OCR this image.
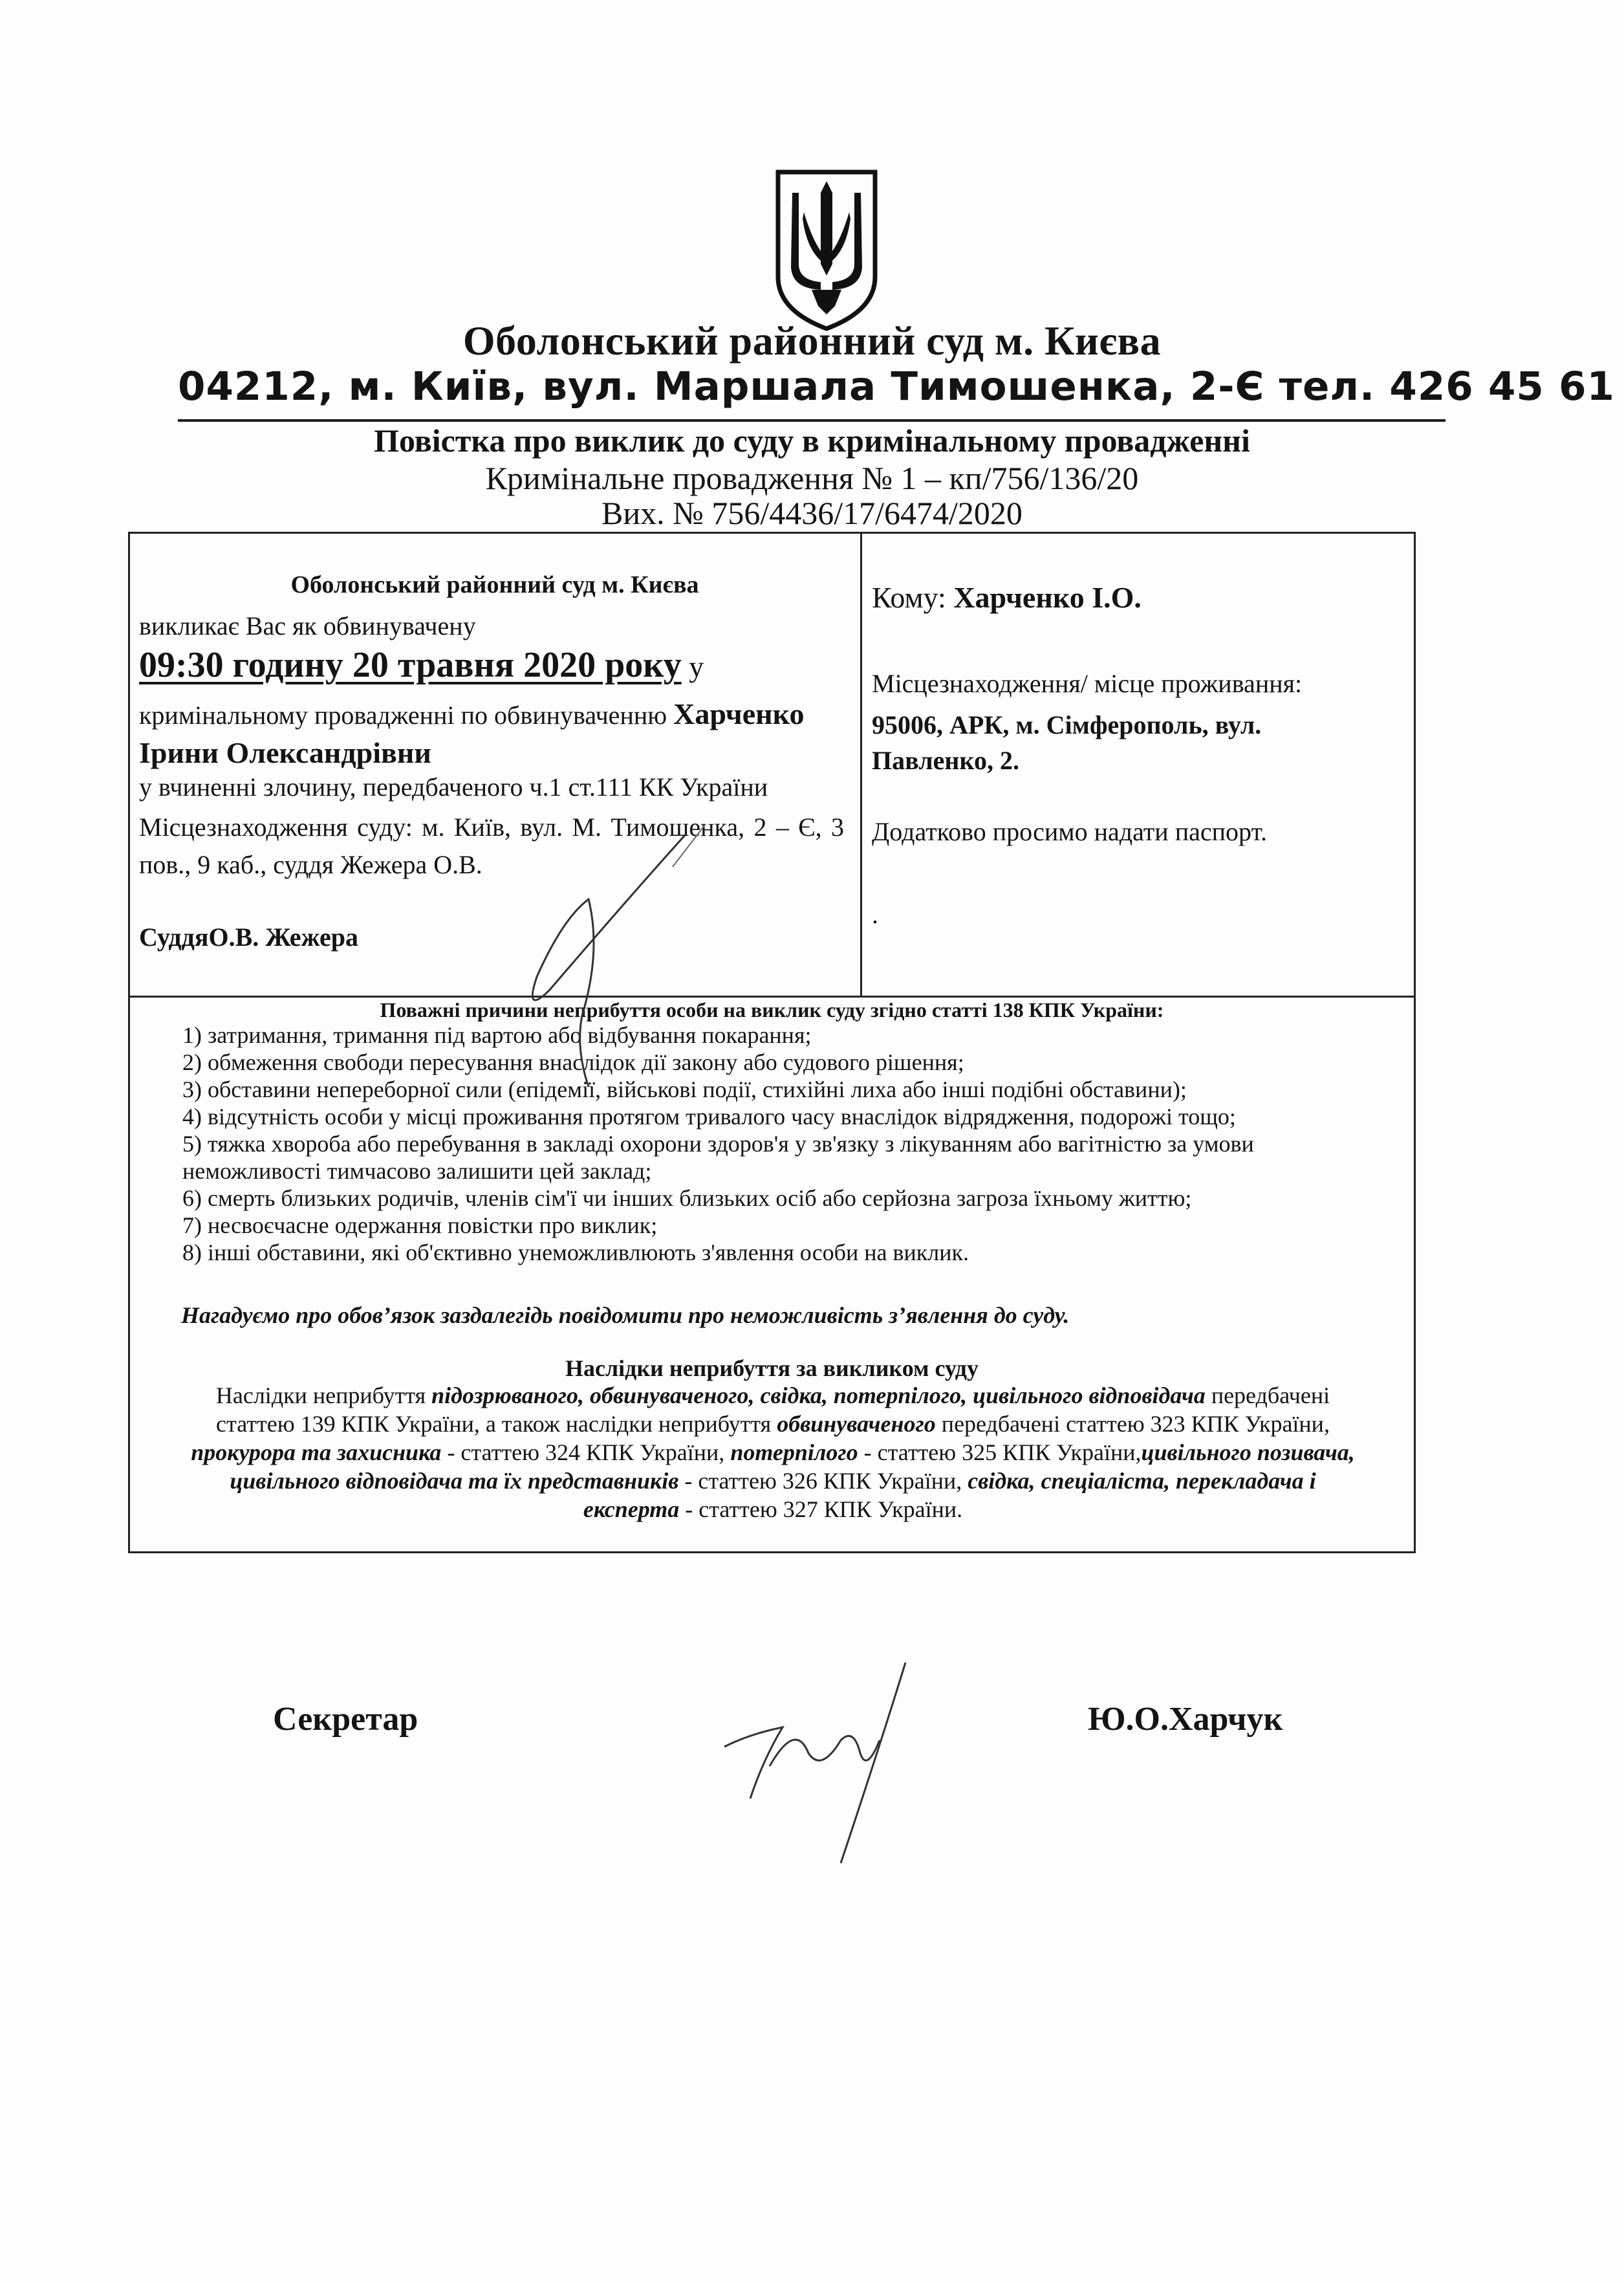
Оболонський районний суд м. Києва
04212, м. Київ, вул. Маршала Тимошенка, 2-Є тел. 426 45 61
Повістка про виклик до суду в кримінальному провадженні
Кримінальне провадження № 1 – кп/756/136/20
Вих. № 756/4436/17/6474/2020
Оболонський районний суд м. Києва
викликає Вас як обвинувачену
09:30 годину 20 травня 2020 року у
кримінальному провадженні по обвинуваченню Харченко Ірини Олександрівни
у вчиненні злочину, передбаченого ч.1 ст.111 КК України
Місцезнаходження суду: м. Київ, вул. М. Тимошенка, 2 – Є, 3 пов., 9 каб., суддя Жежера О.В.
СуддяО.В. Жежера
Кому: Харченко І.О.
Місцезнаходження/ місце проживання:
95006, АРК, м. Сімферополь, вул. Павленко, 2.
Додатково просимо надати паспорт.
.
Поважні причини неприбуття особи на виклик суду згідно статті 138 КПК України:
1) затримання, тримання під вартою або відбування покарання;
2) обмеження свободи пересування внаслідок дії закону або судового рішення;
3) обставини непереборної сили (епідемії, військові події, стихійні лиха або інші подібні обставини);
4) відсутність особи у місці проживання протягом тривалого часу внаслідок відрядження, подорожі тощо;
5) тяжка хвороба або перебування в закладі охорони здоров'я у зв'язку з лікуванням або вагітністю за умови неможливості тимчасово залишити цей заклад;
6) смерть близьких родичів, членів сім'ї чи інших близьких осіб або серйозна загроза їхньому життю;
7) несвоєчасне одержання повістки про виклик;
8) інші обставини, які об'єктивно унеможливлюють з'явлення особи на виклик.
Нагадуємо про обов’язок заздалегідь повідомити про неможливість з’явлення до суду.
Наслідки неприбуття за викликом суду
Наслідки неприбуття підозрюваного, обвинуваченого, свідка, потерпілого, цивільного відповідача передбачені статтею 139 КПК України, а також наслідки неприбуття обвинуваченого передбачені статтею 323 КПК України, прокурора та захисника - статтею 324 КПК України, потерпілого - статтею 325 КПК України,цивільного позивача, цивільного відповідача та їх представників - статтею 326 КПК України, свідка, спеціаліста, перекладача і експерта - статтею 327 КПК України.
Секретар	Ю.О.Харчук
